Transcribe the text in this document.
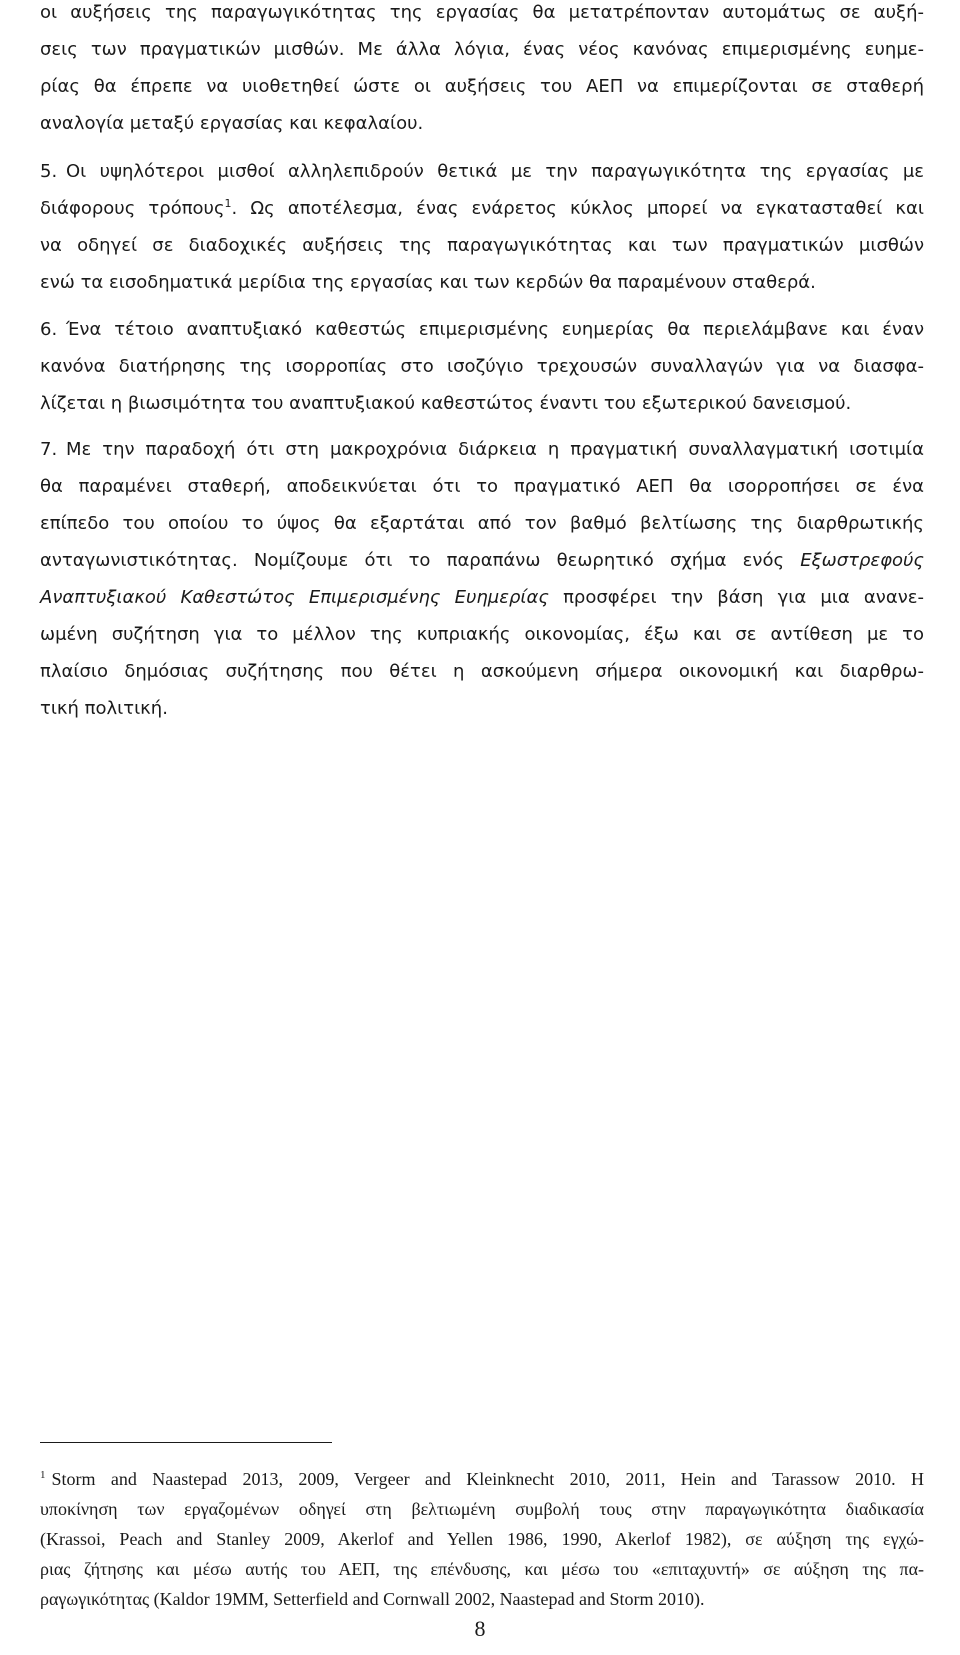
οι αυξήσεις της παραγωγικότητας της εργασίας θα μετατρέπονταν αυτομάτως σε αυξή-
σεις των πραγματικών μισθών. Με άλλα λόγια, ένας νέος κανόνας επιμερισμένης ευημε-
ρίας θα έπρεπε να υιοθετηθεί ώστε οι αυξήσεις του ΑΕΠ να επιμερίζονται σε σταθερή
αναλογία μεταξύ εργασίας και κεφαλαίου.
5. Οι υψηλότεροι μισθοί αλληλεπιδρούν θετικά με την παραγωγικότητα της εργασίας με
διάφορους τρόπους$^1$. Ως αποτέλεσμα, ένας ενάρετος κύκλος μπορεί να εγκατασταθεί και
να οδηγεί σε διαδοχικές αυξήσεις της παραγωγικότητας και των πραγματικών μισθών
ενώ τα εισοδηματικά μερίδια της εργασίας και των κερδών θα παραμένουν σταθερά.
6. Ένα τέτοιο αναπτυξιακό καθεστώς επιμερισμένης ευημερίας θα περιελάμβανε και έναν
κανόνα διατήρησης της ισορροπίας στο ισοζύγιο τρεχουσών συναλλαγών για να διασφα-
λίζεται η βιωσιμότητα του αναπτυξιακού καθεστώτος έναντι του εξωτερικού δανεισμού.
7. Με την παραδοχή ότι στη μακροχρόνια διάρκεια η πραγματική συναλλαγματική ισοτιμία
θα παραμένει σταθερή, αποδεικνύεται ότι το πραγματικό ΑΕΠ θα ισορροπήσει σε ένα
επίπεδο του οποίου το ύψος θα εξαρτάται από τον βαθμό βελτίωσης της διαρθρωτικής
ανταγωνιστικότητας. Νομίζουμε ότι το παραπάνω θεωρητικό σχήμα ενός Εξωστρεφούς
Αναπτυξιακού Καθεστώτος Επιμερισμένης Ευημερίας προσφέρει την βάση για μια ανανε-
ωμένη συζήτηση για το μέλλον της κυπριακής οικονομίας, έξω και σε αντίθεση με το
πλαίσιο δημόσιας συζήτησης που θέτει η ασκούμενη σήμερα οικονομική και διαρθρω-
τική πολιτική.
$^1$ Storm and Naastepad 2013, 2009, Vergeer and Kleinknecht 2010, 2011, Hein and Tarassow 2010. Η
υποκίνηση των εργαζομένων οδηγεί στη βελτιωμένη συμβολή τους στην παραγωγικότητα διαδικασία
(Krassoi, Peach and Stanley 2009, Akerlof and Yellen 1986, 1990, Akerlof 1982), σε αύξηση της εγχώ-
ριας ζήτησης και μέσω αυτής του ΑΕΠ, της επένδυσης, και μέσω του «επιταχυντή» σε αύξηση της πα-
ραγωγικότητας (Kaldor 19MM, Setterfield and Cornwall 2002, Naastepad and Storm 2010).
8
